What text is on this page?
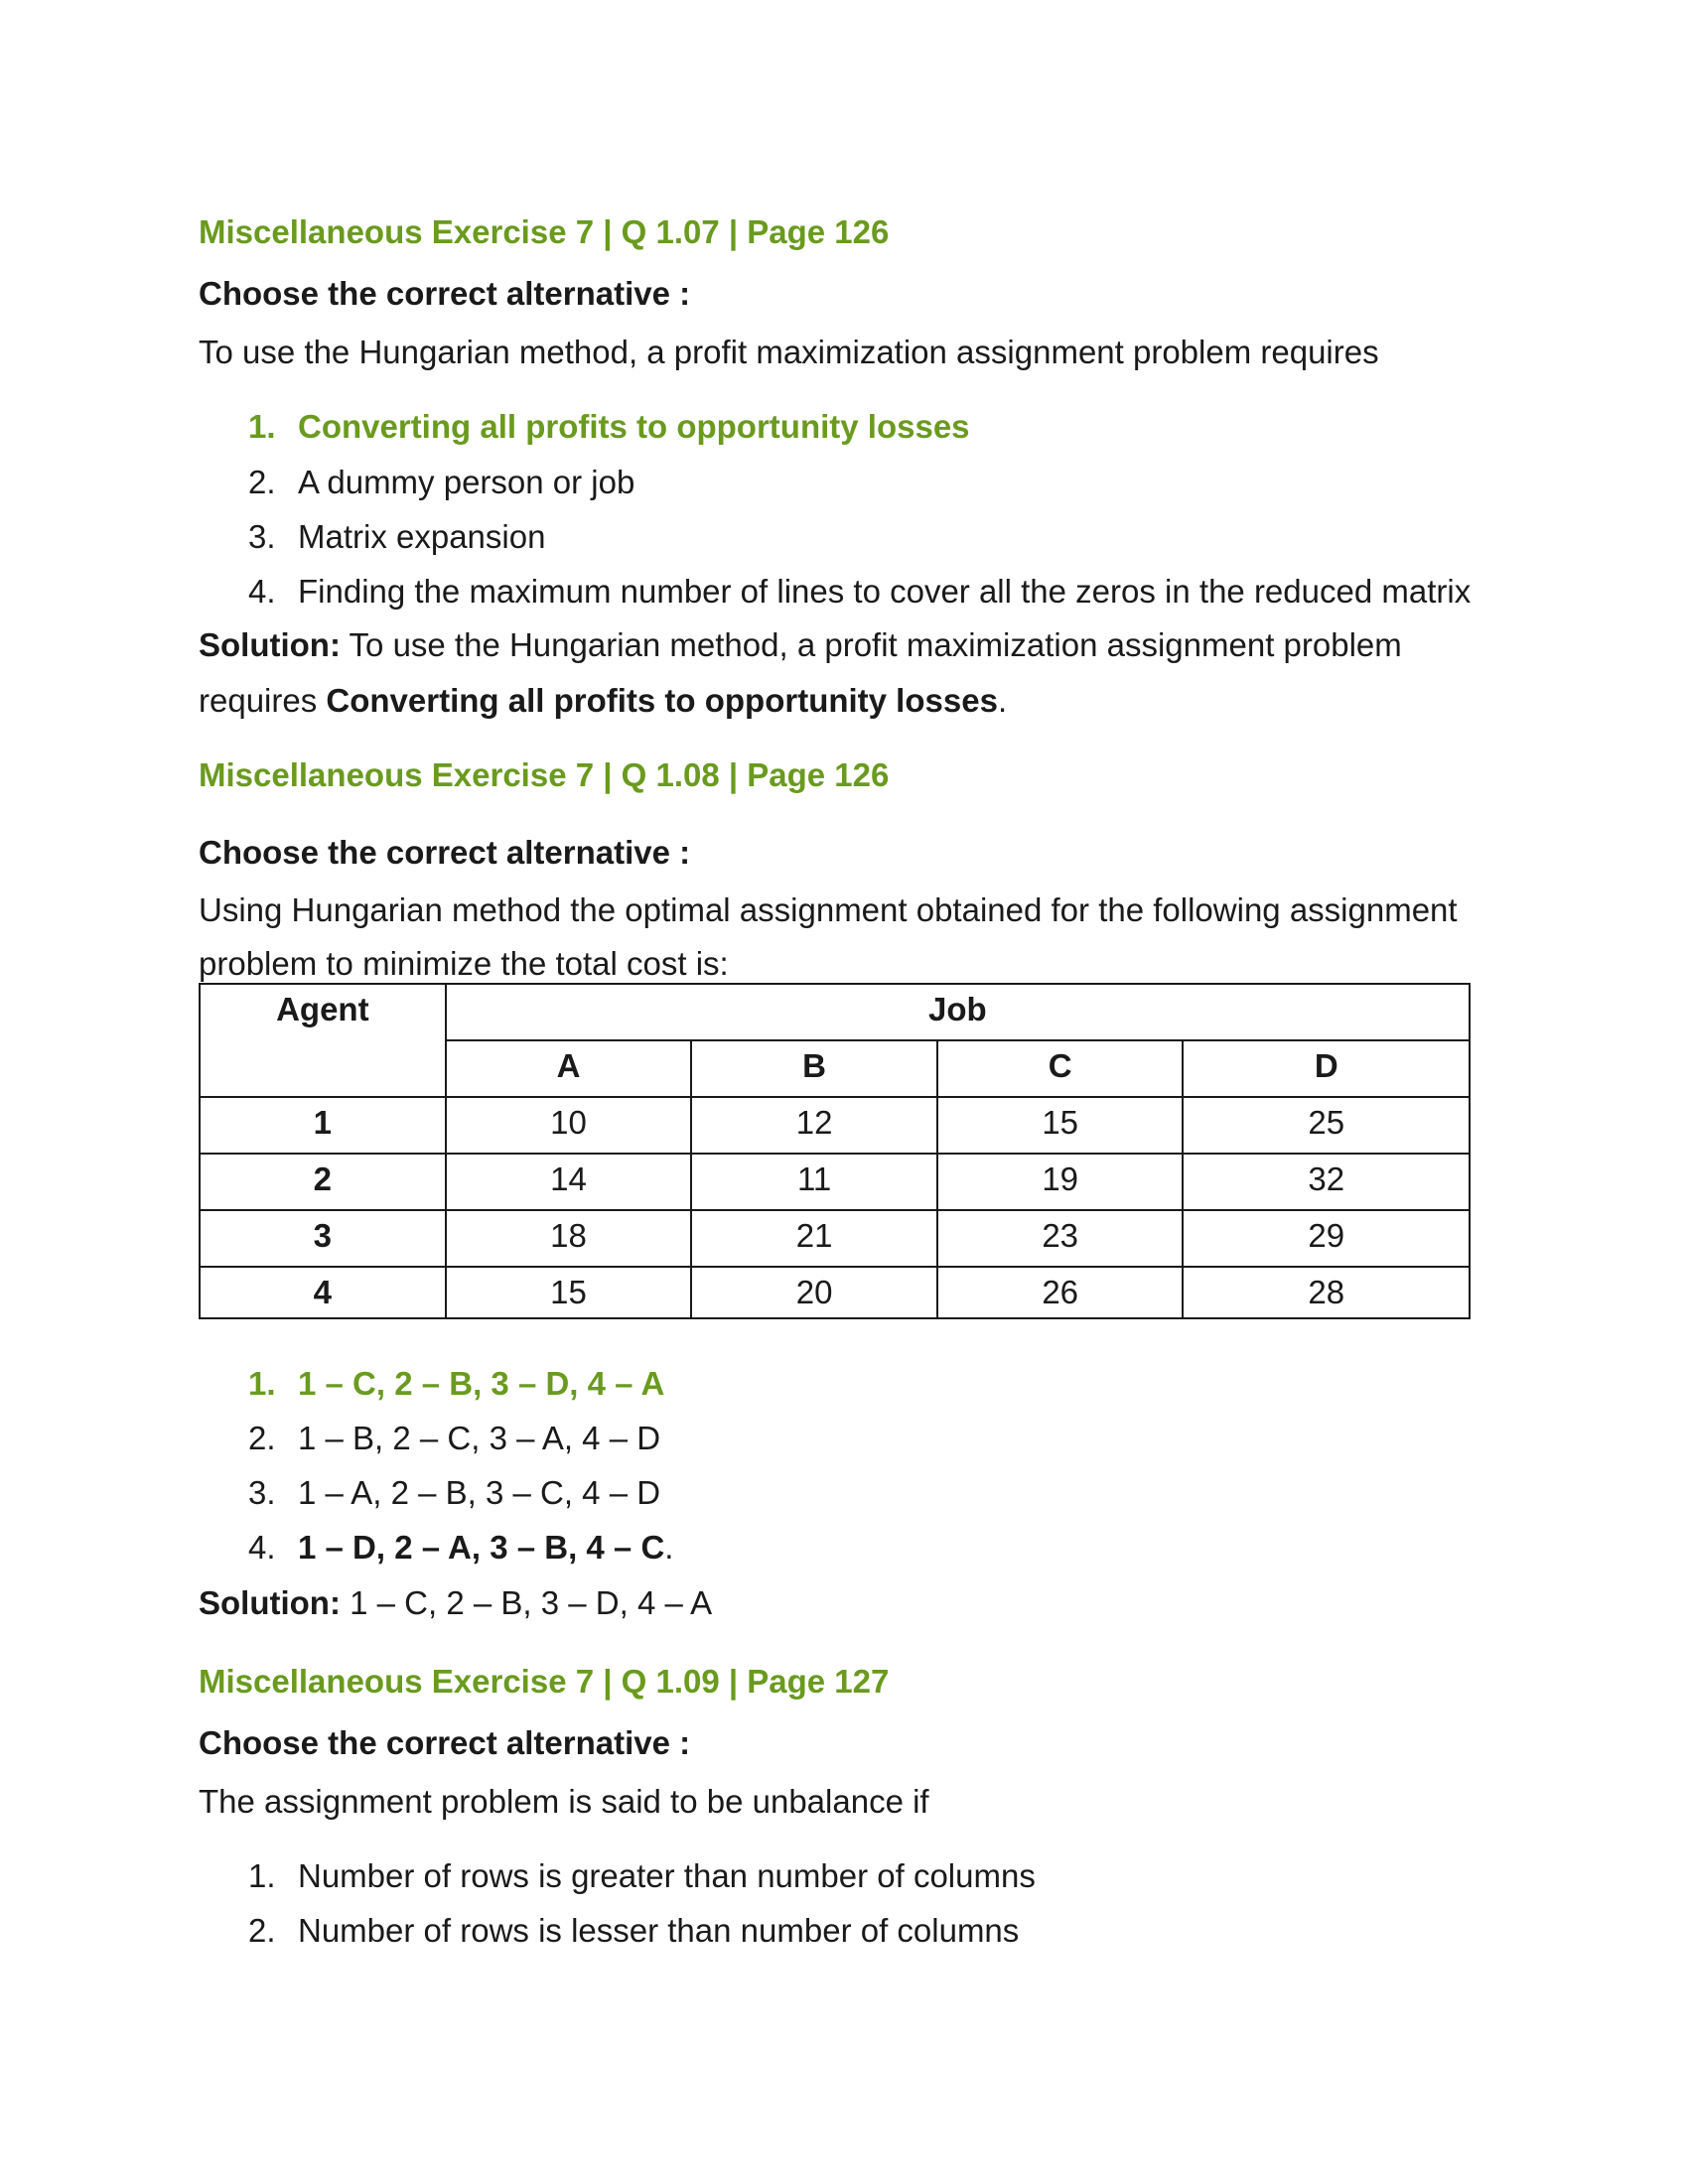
Miscellaneous Exercise 7 | Q 1.07 | Page 126
Choose the correct alternative :
To use the Hungarian method, a profit maximization assignment problem requires
1. Converting all profits to opportunity losses
2. A dummy person or job
3. Matrix expansion
4. Finding the maximum number of lines to cover all the zeros in the reduced matrix
Solution: To use the Hungarian method, a profit maximization assignment problem
requires Converting all profits to opportunity losses.
Miscellaneous Exercise 7 | Q 1.08 | Page 126
Choose the correct alternative :
Using Hungarian method the optimal assignment obtained for the following assignment
problem to minimize the total cost is:
Agent	Job			
	A	B	C	D
1	10	12	15	25
2	14	11	19	32
3	18	21	23	29
4	15	20	26	28
1. 1 – C, 2 – B, 3 – D, 4 – A
2. 1 – B, 2 – C, 3 – A, 4 – D
3. 1 – A, 2 – B, 3 – C, 4 – D
4. 1 – D, 2 – A, 3 – B, 4 – C.
Solution: 1 – C, 2 – B, 3 – D, 4 – A
Miscellaneous Exercise 7 | Q 1.09 | Page 127
Choose the correct alternative :
The assignment problem is said to be unbalance if
1. Number of rows is greater than number of columns
2. Number of rows is lesser than number of columns
